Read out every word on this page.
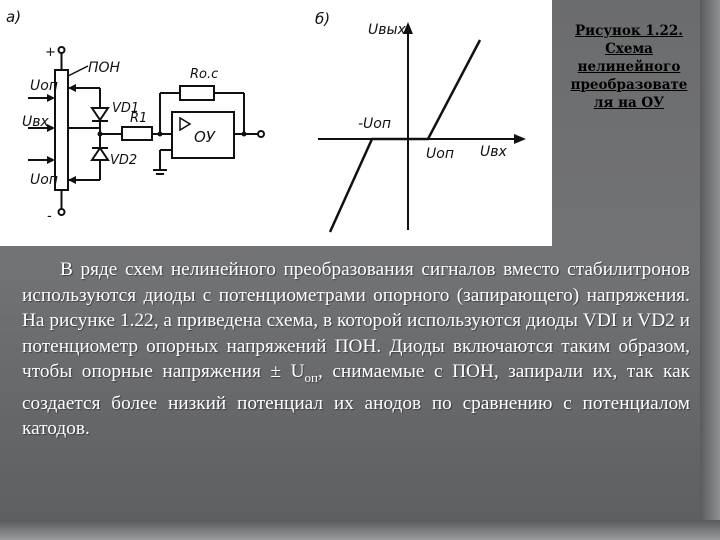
а)
+
-
Uоп
Uвх
Uоп
ПОН
VD1
VD2
R1
ОУ
Rо.с
б)
Uвых
Uвх
-Uоп
Uоп
Рисунок 1.22.
Схема
нелинейного
преобразовате
ля на ОУ
В ряде схем нелинейного преобразования сигналов вместо стабилитронов используются диоды с потенциометрами опорного (запирающего) напряжения. На рисунке 1.22, а приведена схема, в которой используются диоды VDI и VD2 и потенциометр опорных напряжений ПОН. Диоды включаются таким образом, чтобы опорные напряжения ± $U_{оп}$, снимаемые с ПОН, запирали их, так как создается более низкий потенциал их анодов по сравнению с потенциалом катодов.
